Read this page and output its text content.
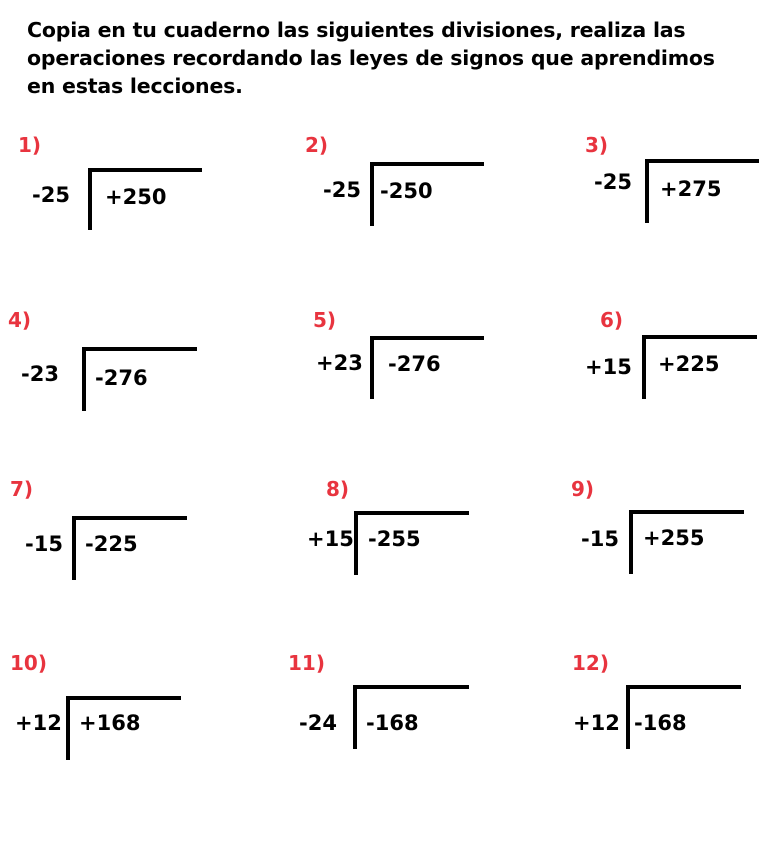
Copia en tu cuaderno las siguientes divisiones, realiza las operaciones recordando las leyes de signos que aprendimos en estas lecciones.
1)
-25 +250
2)
-25 -250
3)
-25 +275
4)
-23 -276
5)
+23 -276
6)
+15 +225
7)
-15 -225
8)
+15 -255
9)
-15 +255
10)
+12 +168
11)
-24 -168
12)
+12 -168
